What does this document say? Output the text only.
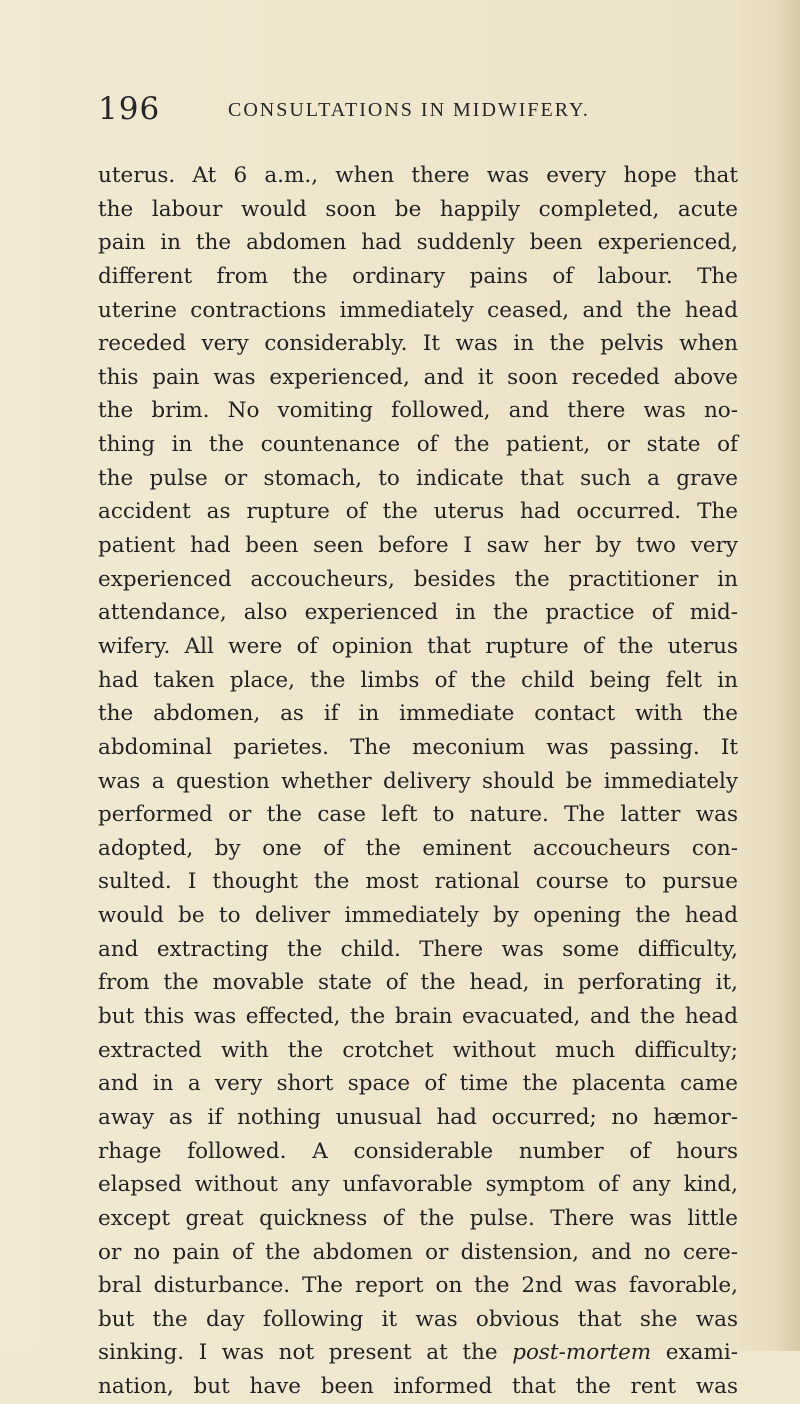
196	CONSULTATIONS IN MIDWIFERY.
uterus. At 6 a.m., when there was every hope that
the labour would soon be happily completed, acute
pain in the abdomen had suddenly been experienced,
different from the ordinary pains of labour. The
uterine contractions immediately ceased, and the head
receded very considerably. It was in the pelvis when
this pain was experienced, and it soon receded above
the brim. No vomiting followed, and there was no-
thing in the countenance of the patient, or state of
the pulse or stomach, to indicate that such a grave
accident as rupture of the uterus had occurred. The
patient had been seen before I saw her by two very
experienced accoucheurs, besides the practitioner in
attendance, also experienced in the practice of mid-
wifery. All were of opinion that rupture of the uterus
had taken place, the limbs of the child being felt in
the abdomen, as if in immediate contact with the
abdominal parietes. The meconium was passing. It
was a question whether delivery should be immediately
performed or the case left to nature. The latter was
adopted, by one of the eminent accoucheurs con-
sulted. I thought the most rational course to pursue
would be to deliver immediately by opening the head
and extracting the child. There was some difficulty,
from the movable state of the head, in perforating it,
but this was effected, the brain evacuated, and the head
extracted with the crotchet without much difficulty;
and in a very short space of time the placenta came
away as if nothing unusual had occurred; no hæmor-
rhage followed. A considerable number of hours
elapsed without any unfavorable symptom of any kind,
except great quickness of the pulse. There was little
or no pain of the abdomen or distension, and no cere-
bral disturbance. The report on the 2nd was favorable,
but the day following it was obvious that she was
sinking. I was not present at the post-mortem exami-
nation, but have been informed that the rent was
